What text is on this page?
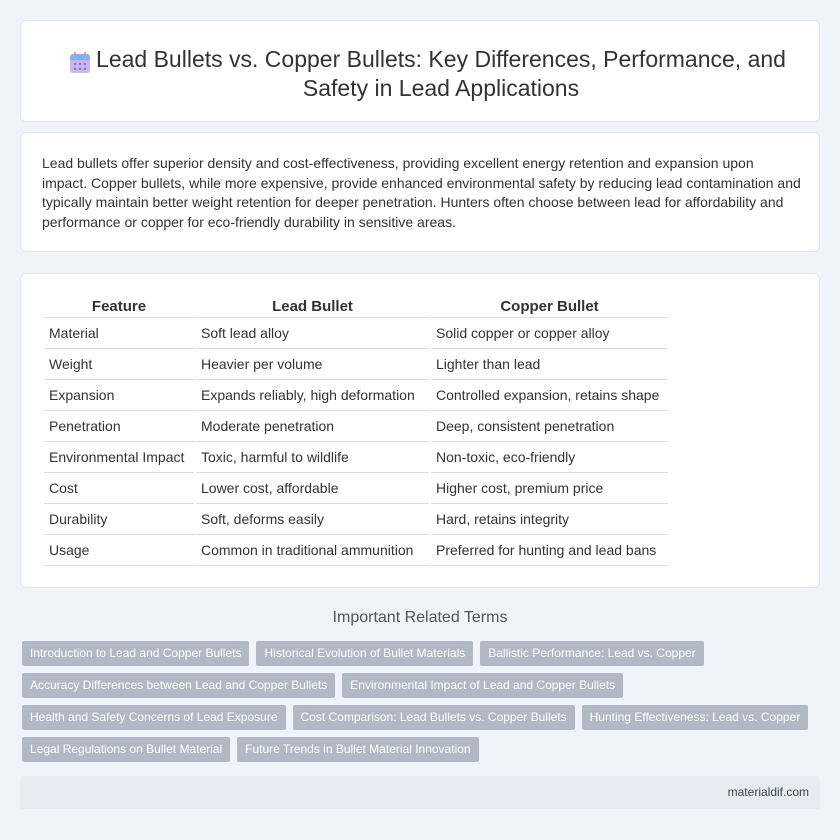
Lead Bullets vs. Copper Bullets: Key Differences, Performance, and Safety in Lead Applications

Lead bullets offer superior density and cost-effectiveness, providing excellent energy retention and expansion upon impact. Copper bullets, while more expensive, provide enhanced environmental safety by reducing lead contamination and typically maintain better weight retention for deeper penetration. Hunters often choose between lead for affordability and performance or copper for eco-friendly durability in sensitive areas.

Feature	Lead Bullet	Copper Bullet
Material	Soft lead alloy	Solid copper or copper alloy
Weight	Heavier per volume	Lighter than lead
Expansion	Expands reliably, high deformation	Controlled expansion, retains shape
Penetration	Moderate penetration	Deep, consistent penetration
Environmental Impact	Toxic, harmful to wildlife	Non-toxic, eco-friendly
Cost	Lower cost, affordable	Higher cost, premium price
Durability	Soft, deforms easily	Hard, retains integrity
Usage	Common in traditional ammunition	Preferred for hunting and lead bans
Important Related Terms
Introduction to Lead and Copper Bullets	Historical Evolution of Bullet Materials	Ballistic Performance: Lead vs. Copper
Accuracy Differences between Lead and Copper Bullets	Environmental Impact of Lead and Copper Bullets
Health and Safety Concerns of Lead Exposure	Cost Comparison: Lead Bullets vs. Copper Bullets	Hunting Effectiveness: Lead vs. Copper
Legal Regulations on Bullet Material	Future Trends in Bullet Material Innovation
materialdif.com
